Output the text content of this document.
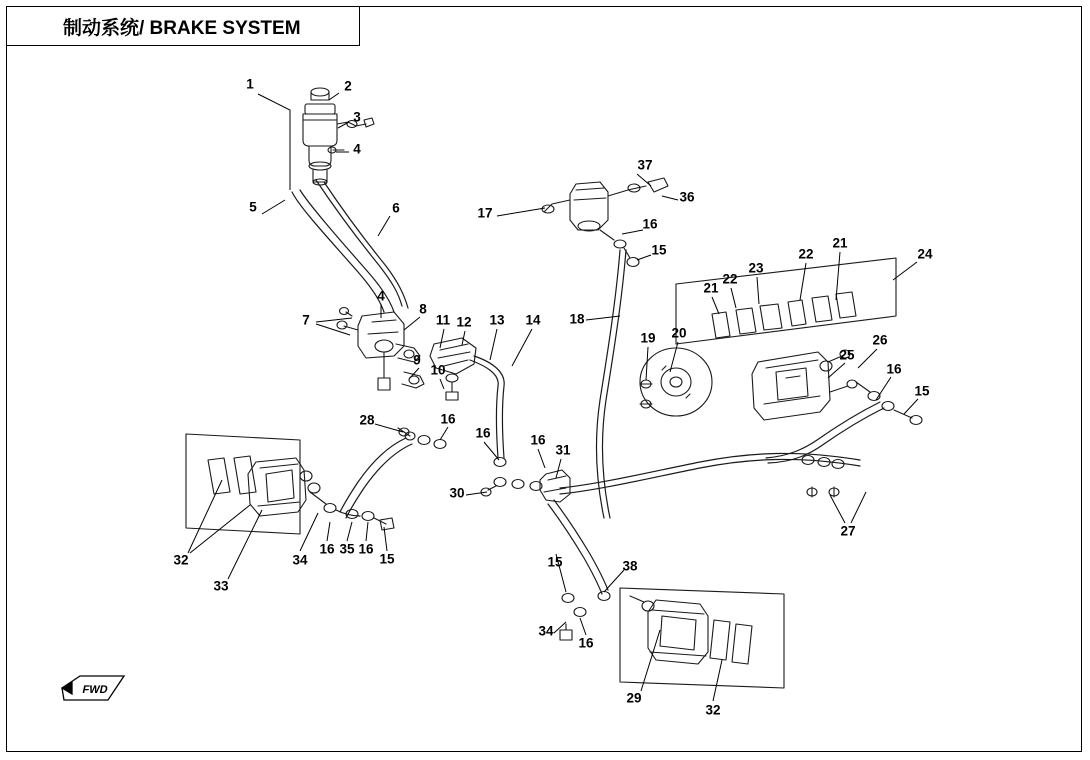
制动系统/ BRAKE SYSTEM
FWD
1	2
3
4
5	6
37
36
17
16
15	24
21
22
23
22
21
4
8
7	11 12 13 14 18
19 20
9
10
25
26
16
15
28	16
16	16
31
30
27
32	34
16 35 16
15
33
15	38
34
16
29
32
